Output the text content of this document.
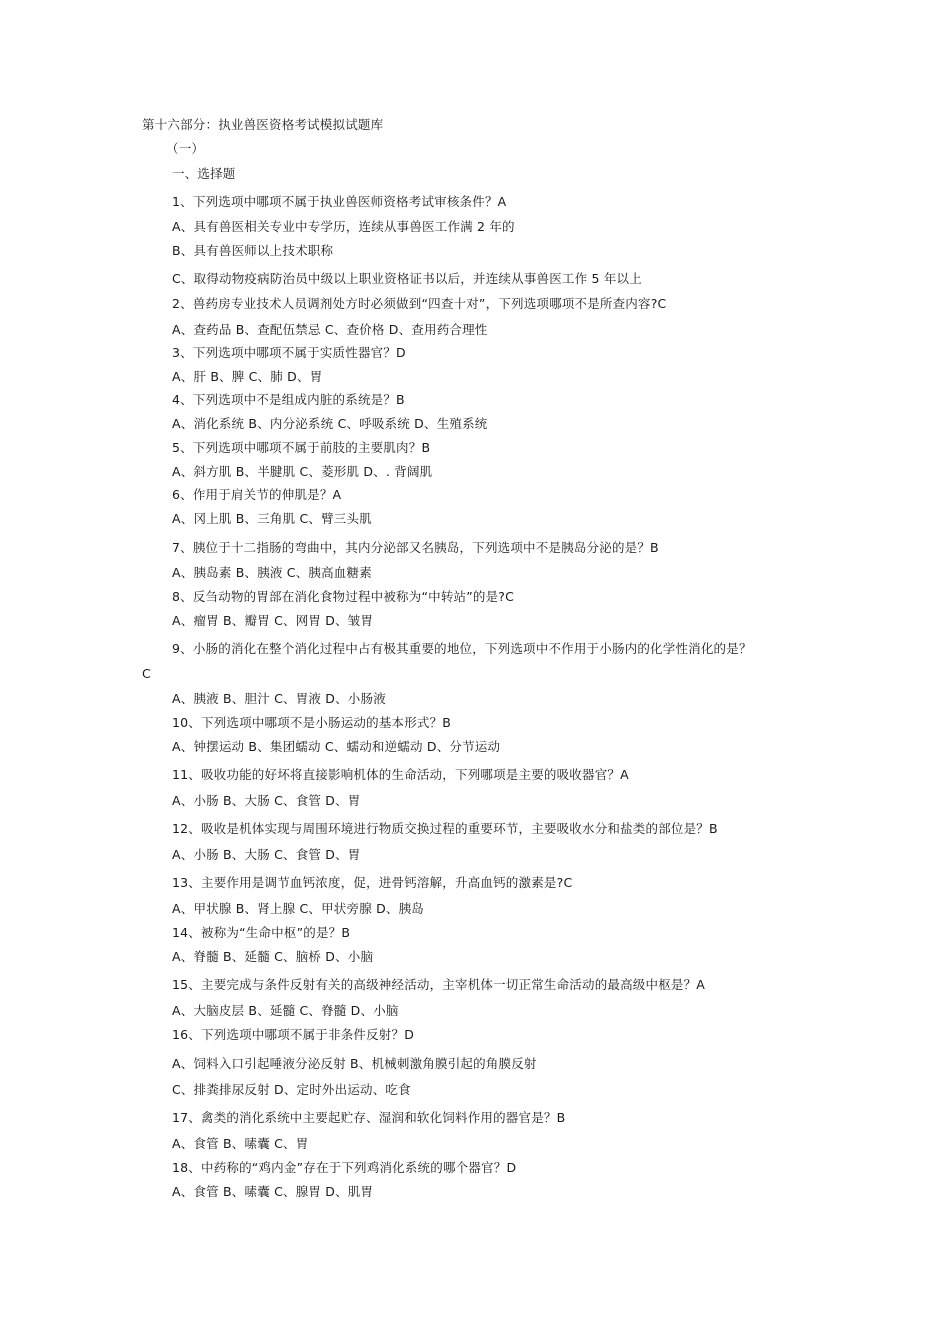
第十六部分：执业兽医资格考试模拟试题库
（一）
一、选择题
1、下列选项中哪项不属于执业兽医师资格考试审核条件？A
A、具有兽医相关专业中专学历，连续从事兽医工作满 2 年的
B、具有兽医师以上技术职称
C、取得动物疫病防治员中级以上职业资格证书以后，并连续从事兽医工作 5 年以上
2、兽药房专业技术人员调剂处方时必须做到“四查十对”，下列选项哪项不是所查内容?C
A、查药品 B、查配伍禁忌 C、查价格 D、查用药合理性
3、下列选项中哪项不属于实质性器官？D
A、肝 B、脾 C、肺 D、胃
4、下列选项中不是组成内脏的系统是？B
A、消化系统 B、内分泌系统 C、呼吸系统 D、生殖系统
5、下列选项中哪项不属于前肢的主要肌肉？B
A、斜方肌 B、半腱肌 C、菱形肌 D、. 背阔肌
6、作用于肩关节的伸肌是？A
A、冈上肌 B、三角肌 C、臂三头肌
7、胰位于十二指肠的弯曲中，其内分泌部又名胰岛，下列选项中不是胰岛分泌的是？B
A、胰岛素 B、胰液 C、胰高血糖素
8、反刍动物的胃部在消化食物过程中被称为“中转站”的是?C
A、瘤胃 B、瓣胃 C、网胃 D、皱胃
9、小肠的消化在整个消化过程中占有极其重要的地位，下列选项中不作用于小肠内的化学性消化的是？
C
A、胰液 B、胆汁 C、胃液 D、小肠液
10、下列选项中哪项不是小肠运动的基本形式？B
A、钟摆运动 B、集团蠕动 C、蠕动和逆蠕动 D、分节运动
11、吸收功能的好坏将直接影响机体的生命活动，下列哪项是主要的吸收器官？A
A、小肠 B、大肠 C、食管 D、胃
12、吸收是机体实现与周围环境进行物质交换过程的重要环节，主要吸收水分和盐类的部位是？B
A、小肠 B、大肠 C、食管 D、胃
13、主要作用是调节血钙浓度，促，进骨钙溶解，升高血钙的激素是?C
A、甲状腺 B、肾上腺 C、甲状旁腺 D、胰岛
14、被称为“生命中枢”的是？B
A、脊髓 B、延髓 C、脑桥 D、小脑
15、主要完成与条件反射有关的高级神经活动，主宰机体一切正常生命活动的最高级中枢是？A
A、大脑皮层 B、延髓 C、脊髓 D、小脑
16、下列选项中哪项不属于非条件反射？D
A、饲料入口引起唾液分泌反射 B、机械刺激角膜引起的角膜反射
C、排粪排尿反射 D、定时外出运动、吃食
17、禽类的消化系统中主要起贮存、湿润和软化饲料作用的器官是？B
A、食管 B、嗉囊 C、胃
18、中药称的“鸡内金”存在于下列鸡消化系统的哪个器官？D
A、食管 B、嗉囊 C、腺胃 D、肌胃
